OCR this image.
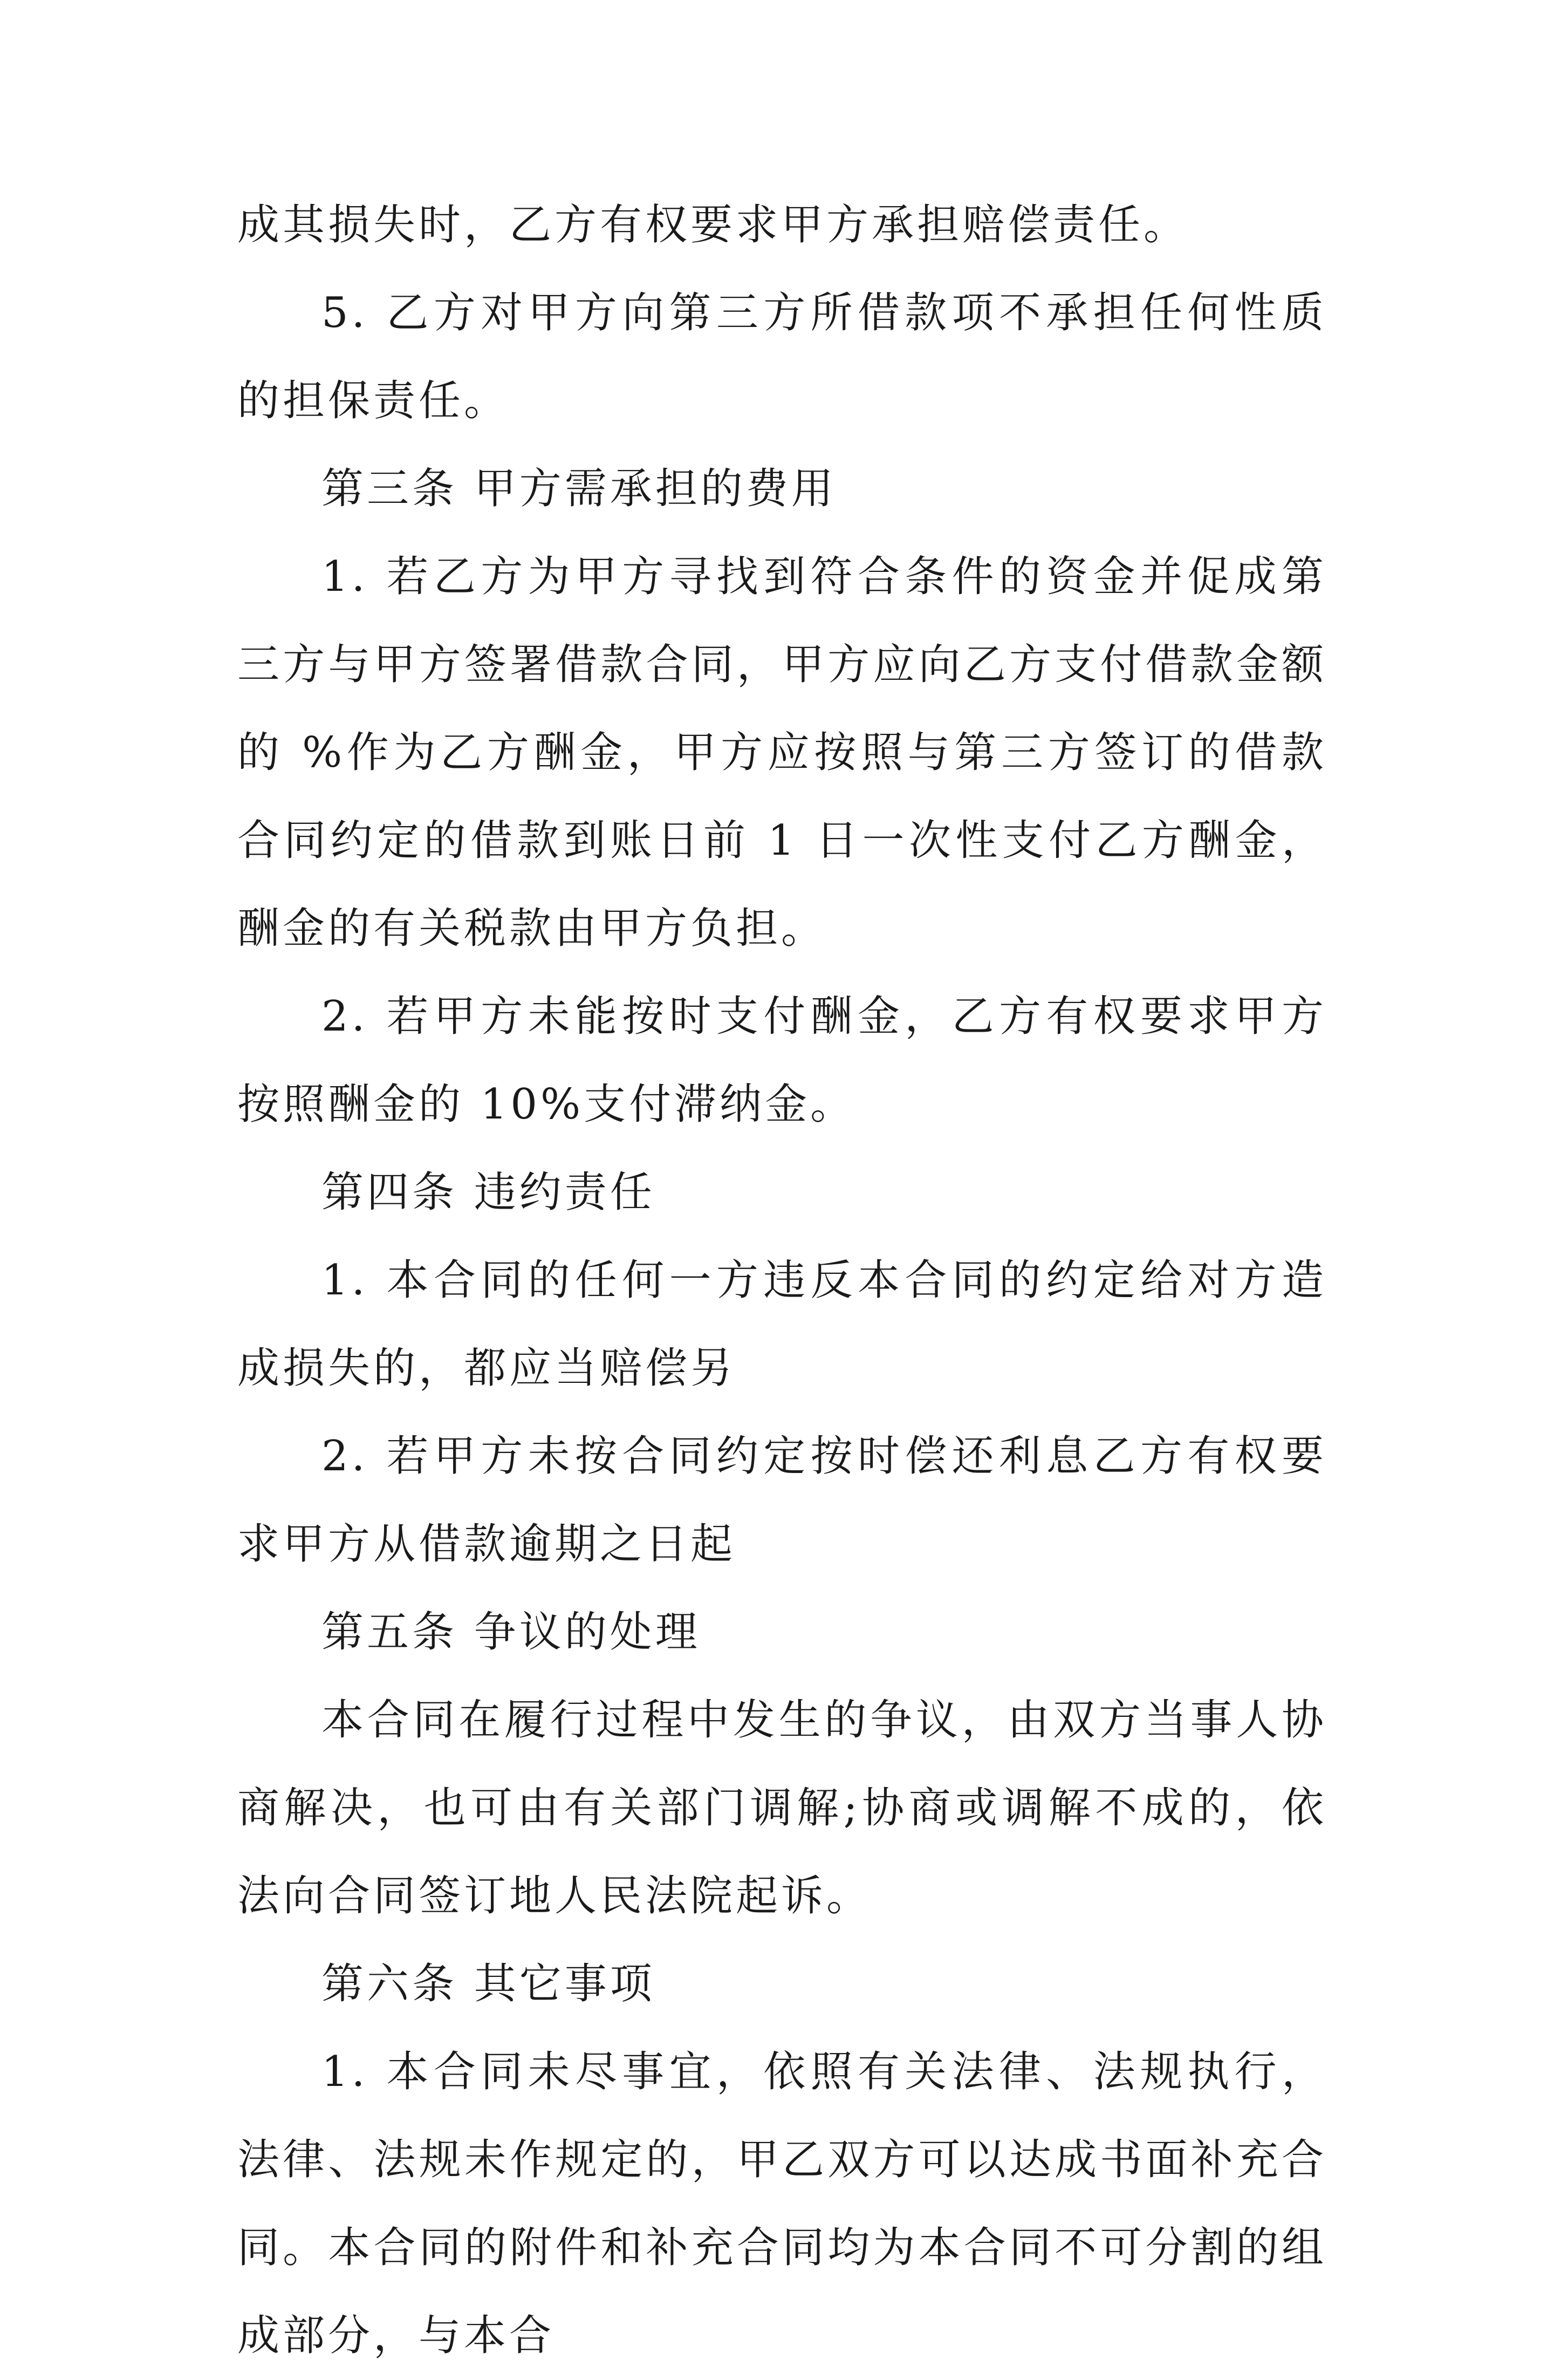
成其损失时，乙方有权要求甲方承担赔偿责任。

5. 乙方对甲方向第三方所借款项不承担任何性质的担保责任。

第三条 甲方需承担的费用

1. 若乙方为甲方寻找到符合条件的资金并促成第三方与甲方签署借款合同，甲方应向乙方支付借款金额的 %作为乙方酬金，甲方应按照与第三方签订的借款合同约定的借款到账日前 1 日一次性支付乙方酬金，酬金的有关税款由甲方负担。

2. 若甲方未能按时支付酬金，乙方有权要求甲方按照酬金的 10%支付滞纳金。

第四条 违约责任

1. 本合同的任何一方违反本合同的约定给对方造成损失的，都应当赔偿另

2. 若甲方未按合同约定按时偿还利息乙方有权要求甲方从借款逾期之日起

第五条 争议的处理

本合同在履行过程中发生的争议，由双方当事人协商解决，也可由有关部门调解;协商或调解不成的，依法向合同签订地人民法院起诉。

第六条 其它事项

1. 本合同未尽事宜，依照有关法律、法规执行，法律、法规未作规定的，甲乙双方可以达成书面补充合同。本合同的附件和补充合同均为本合同不可分割的组成部分，与本合
